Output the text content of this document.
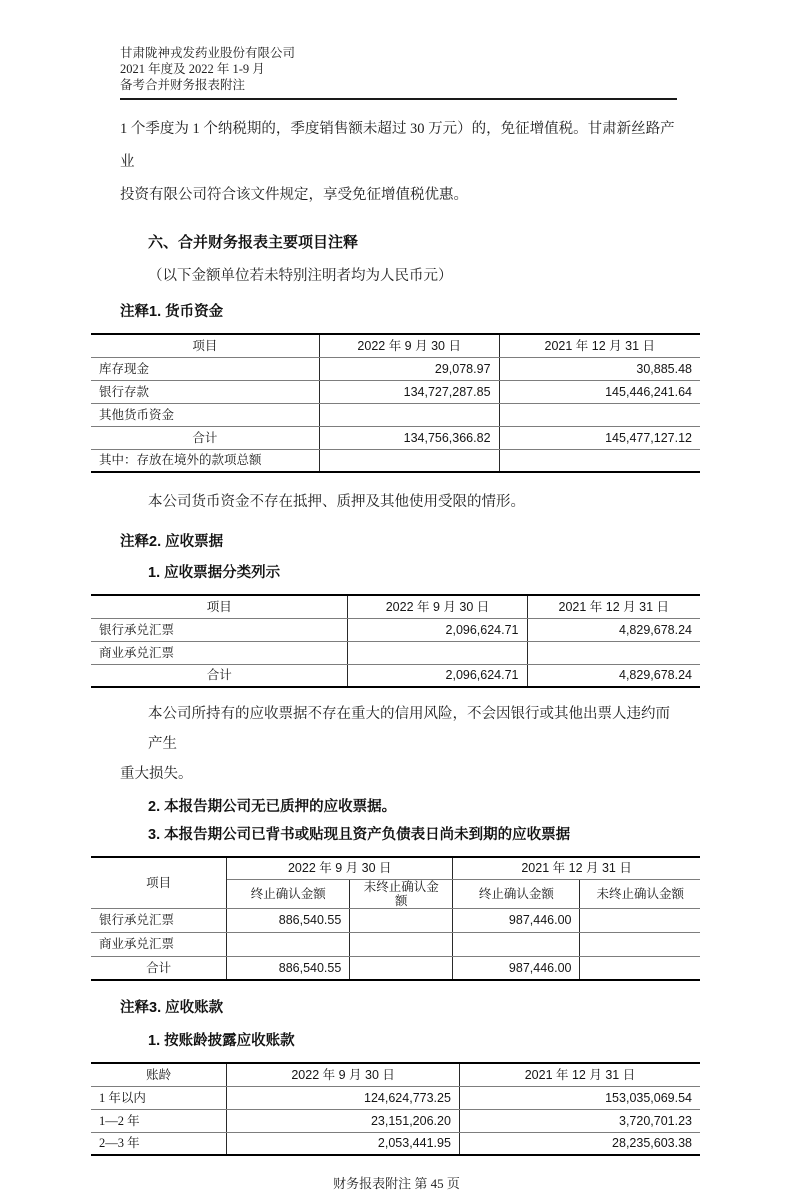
甘肃陇神戎发药业股份有限公司
2021 年度及 2022 年 1-9 月
备考合并财务报表附注
1 个季度为 1 个纳税期的，季度销售额未超过 30 万元）的，免征增值税。甘肃新丝路产业
投资有限公司符合该文件规定，享受免征增值税优惠。
六、合并财务报表主要项目注释
（以下金额单位若未特别注明者均为人民币元）
注释1. 货币资金
项目	2022 年 9 月 30 日	2021 年 12 月 31 日
库存现金	29,078.97	30,885.48
银行存款	134,727,287.85	145,446,241.64
其他货币资金		
合计	134,756,366.82	145,477,127.12
其中：存放在境外的款项总额		
本公司货币资金不存在抵押、质押及其他使用受限的情形。
注释2. 应收票据
1. 应收票据分类列示
项目	2022 年 9 月 30 日	2021 年 12 月 31 日
银行承兑汇票	2,096,624.71	4,829,678.24
商业承兑汇票		
合计	2,096,624.71	4,829,678.24
本公司所持有的应收票据不存在重大的信用风险，不会因银行或其他出票人违约而产生
重大损失。
2. 本报告期公司无已质押的应收票据。
3. 本报告期公司已背书或贴现且资产负债表日尚未到期的应收票据
项目	2022 年 9 月 30 日		2021 年 12 月 31 日	
	终止确认金额	未终止确认金额	终止确认金额	未终止确认金额
银行承兑汇票	886,540.55		987,446.00	
商业承兑汇票				
合计	886,540.55		987,446.00	
注释3. 应收账款
1. 按账龄披露应收账款
账龄	2022 年 9 月 30 日	2021 年 12 月 31 日
1 年以内	124,624,773.25	153,035,069.54
1—2 年	23,151,206.20	3,720,701.23
2—3 年	2,053,441.95	28,235,603.38
财务报表附注 第 45 页
